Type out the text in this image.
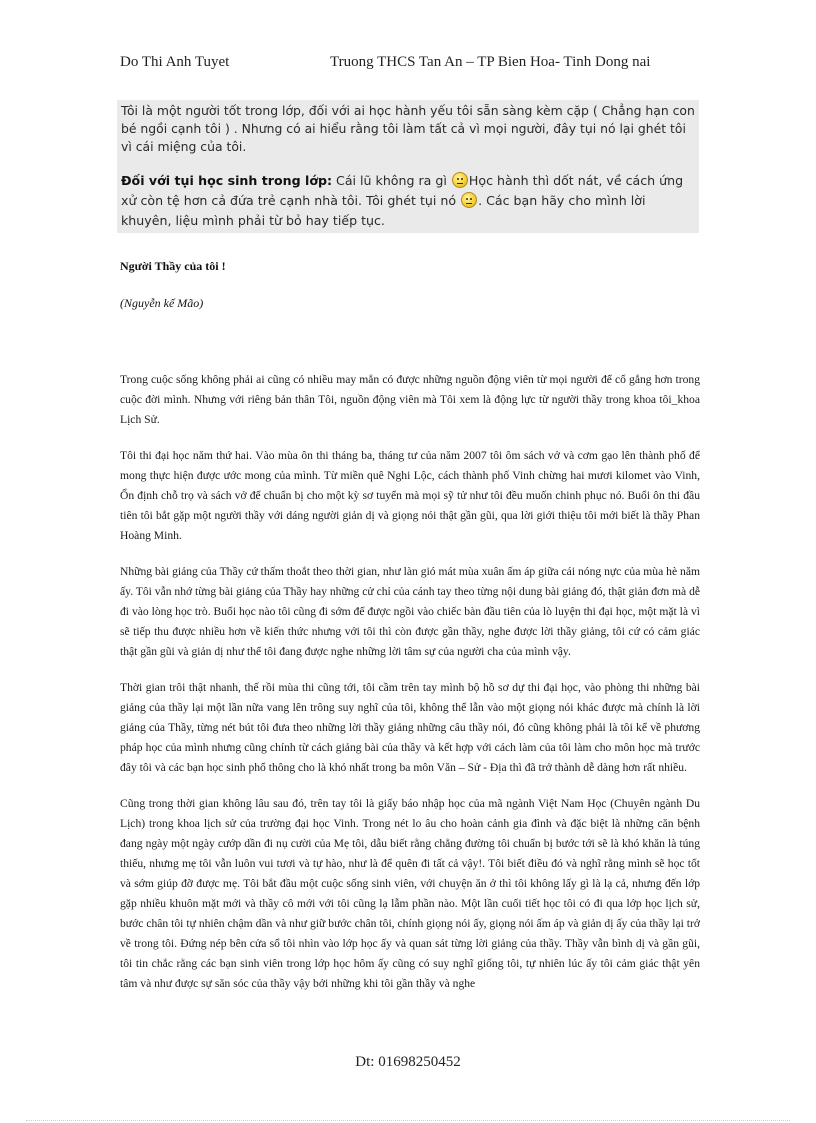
Do Thi Anh Tuyet	Truong THCS Tan An – TP Bien Hoa- Tinh Dong nai

Tôi là một người tốt trong lớp, đối với ai học hành yếu tôi sẵn sàng kèm cặp ( Chẳng hạn con bé ngồi cạnh tôi ) . Nhưng có ai hiểu rằng tôi làm tất cả vì mọi người, đây tụi nó lại ghét tôi vì cái miệng của tôi.

Đối với tụi học sinh trong lớp: Cái lũ không ra gì Học hành thì dốt nát, về cách ứng xử còn tệ hơn cả đứa trẻ cạnh nhà tôi. Tôi ghét tụi nó . Các bạn hãy cho mình lời khuyên, liệu mình phải từ bỏ hay tiếp tục.

Người Thầy của tôi !
(Nguyễn kế Mão)

Trong cuộc sống không phải ai cũng có nhiều may mắn có được những nguồn động viên từ mọi người để cố gắng hơn trong cuộc đời mình. Nhưng với riêng bản thân Tôi, nguồn động viên mà Tôi xem là động lực từ người thầy trong khoa tôi_khoa Lịch Sử.

Tôi thi đại học năm thứ hai. Vào mùa ôn thi tháng ba, tháng tư của năm 2007 tôi ôm sách vở và cơm gạo lên thành phố để mong thực hiện được ước mong của mình. Từ miền quê Nghi Lộc, cách thành phố Vinh chừng hai mươi kilomet vào Vinh, Ổn định chỗ trọ và sách vở để chuẩn bị cho một kỳ sơ tuyển mà mọi sỹ tử như tôi đều muốn chinh phục nó. Buổi ôn thi đầu tiên tôi bắt gặp một người thầy với dáng người giản dị và giọng nói thật gần gũi, qua lời giới thiệu tôi mới biết là thầy Phan Hoàng Minh.

Những bài giảng của Thầy cứ thấm thoắt theo thời gian, như làn gió mát mùa xuân ấm áp giữa cái nóng nực của mùa hè năm ấy. Tôi vẫn nhớ từng bài giảng của Thầy hay những cử chỉ của cánh tay theo từng nội dung bài giảng đó, thật giản đơn mà dễ đi vào lòng học trò. Buổi học nào tôi cũng đi sớm để được ngồi vào chiếc bàn đầu tiên của lò luyện thi đại học, một mặt là vì sẽ tiếp thu được nhiều hơn về kiến thức nhưng với tôi thì còn được gần thầy, nghe được lời thầy giảng, tôi cứ có cảm giác thật gần gũi và giản dị như thể tôi đang được nghe những lời tâm sự của người cha của mình vậy.

Thời gian trôi thật nhanh, thế rồi mùa thi cũng tới, tôi cầm trên tay mình bộ hồ sơ dự thi đại học, vào phòng thi những bài giảng của thầy lại một lần nữa vang lên trông suy nghĩ của tôi, không thể lẫn vào một giọng nói khác được mà chính là lời giảng của Thầy, từng nét bút tôi đưa theo những lời thầy giảng những câu thầy nói, đó cũng không phải là tôi kể về phương pháp học của mình nhưng cũng chính từ cách giảng bài của thầy và kết hợp với cách làm của tôi làm cho môn học mà trước đây tôi và các bạn học sinh phổ thông cho là khó nhất trong ba môn Văn – Sử - Địa thì đã trở thành dễ dàng hơn rất nhiều.

Cũng trong thời gian không lâu sau đó, trên tay tôi là giấy báo nhập học của mã ngành Việt Nam Học (Chuyên ngành Du Lịch) trong khoa lịch sử của trường đại học Vinh. Trong nét lo âu cho hoàn cảnh gia đình và đặc biệt là những căn bệnh đang ngày một ngày cướp dần đi nụ cười của Mẹ tôi, dẫu biết rằng chẳng đường tôi chuẩn bị bước tới sẽ là khó khăn là túng thiếu, nhưng mẹ tôi vẫn luôn vui tươi và tự hào, như là để quên đi tất cả vậy!. Tôi biết điều đó và nghĩ rằng mình sẽ học tốt và sớm giúp đỡ được mẹ. Tôi bắt đầu một cuộc sống sinh viên, với chuyện ăn ở thì tôi không lấy gì là lạ cả, nhưng đến lớp gặp nhiều khuôn mặt mới và thầy cô mới với tôi cũng lạ lẫm phần nào. Một lần cuối tiết học tôi có đi qua lớp học lịch sử, bước chân tôi tự nhiên chậm dần và như giữ bước chân tôi, chính giọng nói ấy, giọng nói ấm áp và giản dị ấy của thầy lại trở về trong tôi. Đứng nép bên cửa sổ tôi nhìn vào lớp học ấy và quan sát từng lời giảng của thầy. Thầy vẫn bình dị và gần gũi, tôi tin chắc rằng các bạn sinh viên trong lớp học hôm ấy cũng có suy nghĩ giống tôi, tự nhiên lúc ấy tôi cảm giác thật yên tâm và như được sự săn sóc của thầy vậy bởi những khi tôi gần thầy và nghe

Dt: 01698250452
